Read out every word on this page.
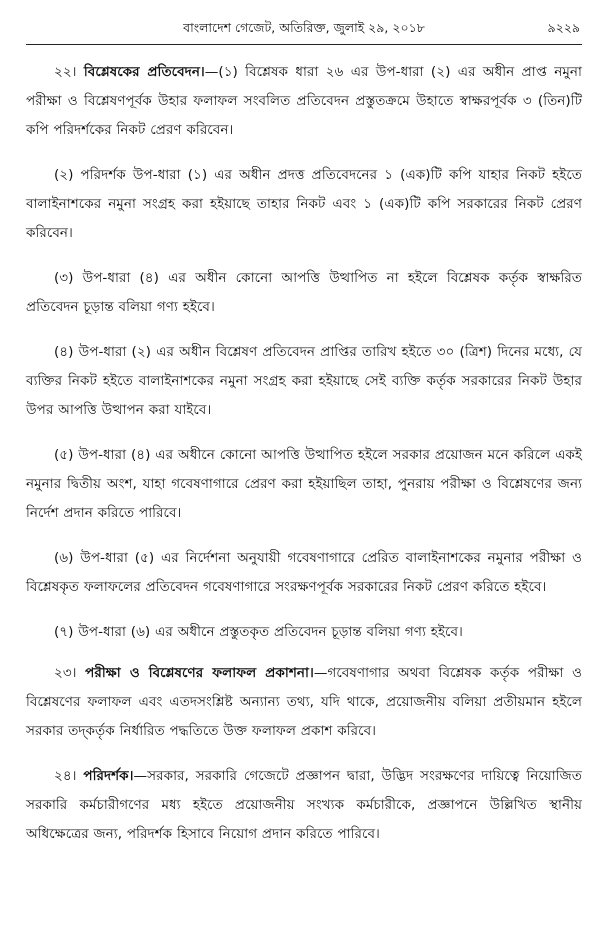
বাংলাদেশ গেজেট, অতিরিক্ত, জুলাই ২৯, ২০১৮	৯২২৯

২২। বিশ্লেষকের প্রতিবেদন।—(১) বিশ্লেষক ধারা ২৬ এর উপ-ধারা (২) এর অধীন প্রাপ্ত নমুনা পরীক্ষা ও বিশ্লেষণপূর্বক উহার ফলাফল সংবলিত প্রতিবেদন প্রস্তুতক্রমে উহাতে স্বাক্ষরপূর্বক ৩ (তিন)টি কপি পরিদর্শকের নিকট প্রেরণ করিবেন।

(২) পরিদর্শক উপ-ধারা (১) এর অধীন প্রদত্ত প্রতিবেদনের ১ (এক)টি কপি যাহার নিকট হইতে বালাইনাশকের নমুনা সংগ্রহ করা হইয়াছে তাহার নিকট এবং ১ (এক)টি কপি সরকারের নিকট প্রেরণ করিবেন।

(৩) উপ-ধারা (৪) এর অধীন কোনো আপত্তি উত্থাপিত না হইলে বিশ্লেষক কর্তৃক স্বাক্ষরিত প্রতিবেদন চূড়ান্ত বলিয়া গণ্য হইবে।

(৪) উপ-ধারা (২) এর অধীন বিশ্লেষণ প্রতিবেদন প্রাপ্তির তারিখ হইতে ৩০ (ত্রিশ) দিনের মধ্যে, যে ব্যক্তির নিকট হইতে বালাইনাশকের নমুনা সংগ্রহ করা হইয়াছে সেই ব্যক্তি কর্তৃক সরকারের নিকট উহার উপর আপত্তি উত্থাপন করা যাইবে।

(৫) উপ-ধারা (৪) এর অধীনে কোনো আপত্তি উত্থাপিত হইলে সরকার প্রয়োজন মনে করিলে একই নমুনার দ্বিতীয় অংশ, যাহা গবেষণাগারে প্রেরণ করা হইয়াছিল তাহা, পুনরায় পরীক্ষা ও বিশ্লেষণের জন্য নির্দেশ প্রদান করিতে পারিবে।

(৬) উপ-ধারা (৫) এর নির্দেশনা অনুযায়ী গবেষণাগারে প্রেরিত বালাইনাশকের নমুনার পরীক্ষা ও বিশ্লেষকৃত ফলাফলের প্রতিবেদন গবেষণাগারে সংরক্ষণপূর্বক সরকারের নিকট প্রেরণ করিতে হইবে।

(৭) উপ-ধারা (৬) এর অধীনে প্রস্তুতকৃত প্রতিবেদন চূড়ান্ত বলিয়া গণ্য হইবে।

২৩। পরীক্ষা ও বিশ্লেষণের ফলাফল প্রকাশনা।—গবেষণাগার অথবা বিশ্লেষক কর্তৃক পরীক্ষা ও বিশ্লেষণের ফলাফল এবং এতদসংশ্লিষ্ট অন্যান্য তথ্য, যদি থাকে, প্রয়োজনীয় বলিয়া প্রতীয়মান হইলে সরকার তদ্কর্তৃক নির্ধারিত পদ্ধতিতে উক্ত ফলাফল প্রকাশ করিবে।

২৪। পরিদর্শক।—সরকার, সরকারি গেজেটে প্রজ্ঞাপন দ্বারা, উদ্ভিদ সংরক্ষণের দায়িত্বে নিয়োজিত সরকারি কর্মচারীগণের মধ্য হইতে প্রয়োজনীয় সংখ্যক কর্মচারীকে, প্রজ্ঞাপনে উল্লিখিত স্থানীয় অধিক্ষেত্রের জন্য, পরিদর্শক হিসাবে নিয়োগ প্রদান করিতে পারিবে।
